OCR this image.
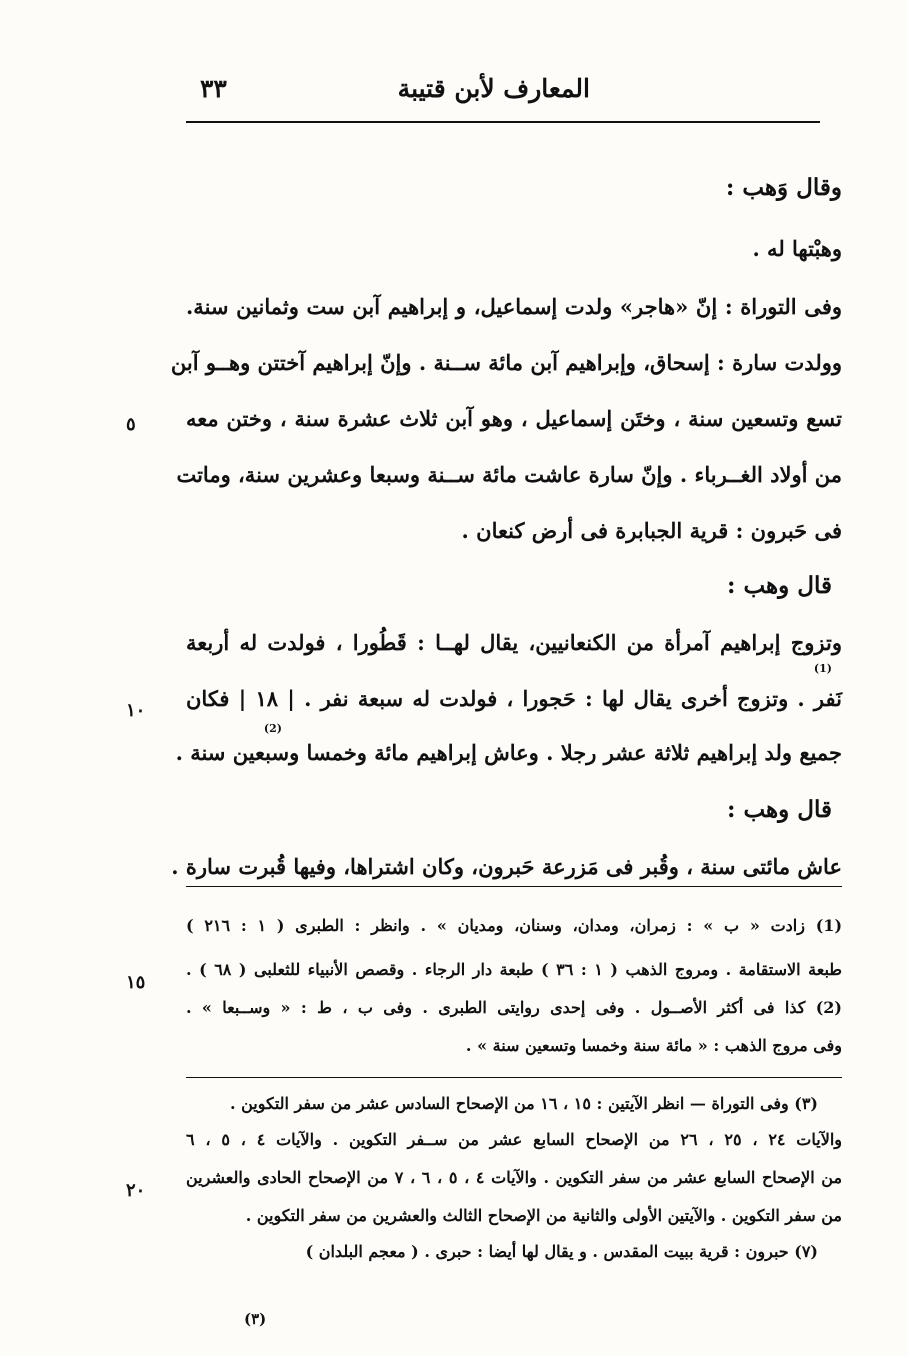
المعارف لأبن قتيبة
٣٣
وقال وَهب :
وهبْتها له .
وفى التوراة : إنّ «هاجر» ولدت إسماعيل، و إبراهيم آبن ست وثمانين سنة.
وولدت سارة : إسحاق، وإبراهيم آبن مائة ســنة . وإنّ إبراهيم آختتن وهــو آبن
تسع وتسعين سنة ، وختَن إسماعيل ، وهو آبن ثلاث عشرة سنة ، وختن معه
من أولاد الغــرباء . وإنّ سارة عاشت مائة ســنة وسبعا وعشرين سنة، وماتت
فى حَبرون : قرية الجبابرة فى أرض كنعان .
قال وهب :
وتزوج إبراهيم آمرأة من الكنعانيين، يقال لهــا : قَطُورا ، فولدت له أربعة
(1)
نَفر . وتزوج أخرى يقال لها : حَجورا ، فولدت له سبعة نفر . | ١٨ | فكان
(2)
جميع ولد إبراهيم ثلاثة عشر رجلا . وعاش إبراهيم مائة وخمسا وسبعين سنة .
قال وهب :
عاش مائتى سنة ، وقُبر فى مَزرعة حَبرون، وكان اشتراها، وفيها قُبرت سارة .
٥
١٠
١٥
٢٠
(1) زادت « ب » : زمران، ومدان، وسنان، ومديان » . وانظر : الطبرى ( ١ : ٢١٦ )
طبعة الاستقامة . ومروج الذهب ( ١ : ٣٦ ) طبعة دار الرجاء . وقصص الأنبياء للثعلبى ( ٦٨ ) .
(2) كذا فى أكثر الأصــول . وفى إحدى روايتى الطبرى . وفى ب ، ط : « وســبعا » .
وفى مروج الذهب : « مائة سنة وخمسا وتسعين سنة » .
(٣) وفى التوراة — انظر الآيتين : ١٥ ، ١٦ من الإصحاح السادس عشر من سفر التكوين .
والآيات ٢٤ ، ٢٥ ، ٢٦ من الإصحاح السابع عشر من ســفر التكوين . والآيات ٤ ، ٥ ، ٦
من الإصحاح السابع عشر من سفر التكوين . والآيات ٤ ، ٥ ، ٦ ، ٧ من الإصحاح الحادى والعشرين
من سفر التكوين . والآيتين الأولى والثانية من الإصحاح الثالث والعشرين من سفر التكوين .
(٧) حبرون : قرية ببيت المقدس . و يقال لها أيضا : حبرى . ( معجم البلدان )
(٣)
